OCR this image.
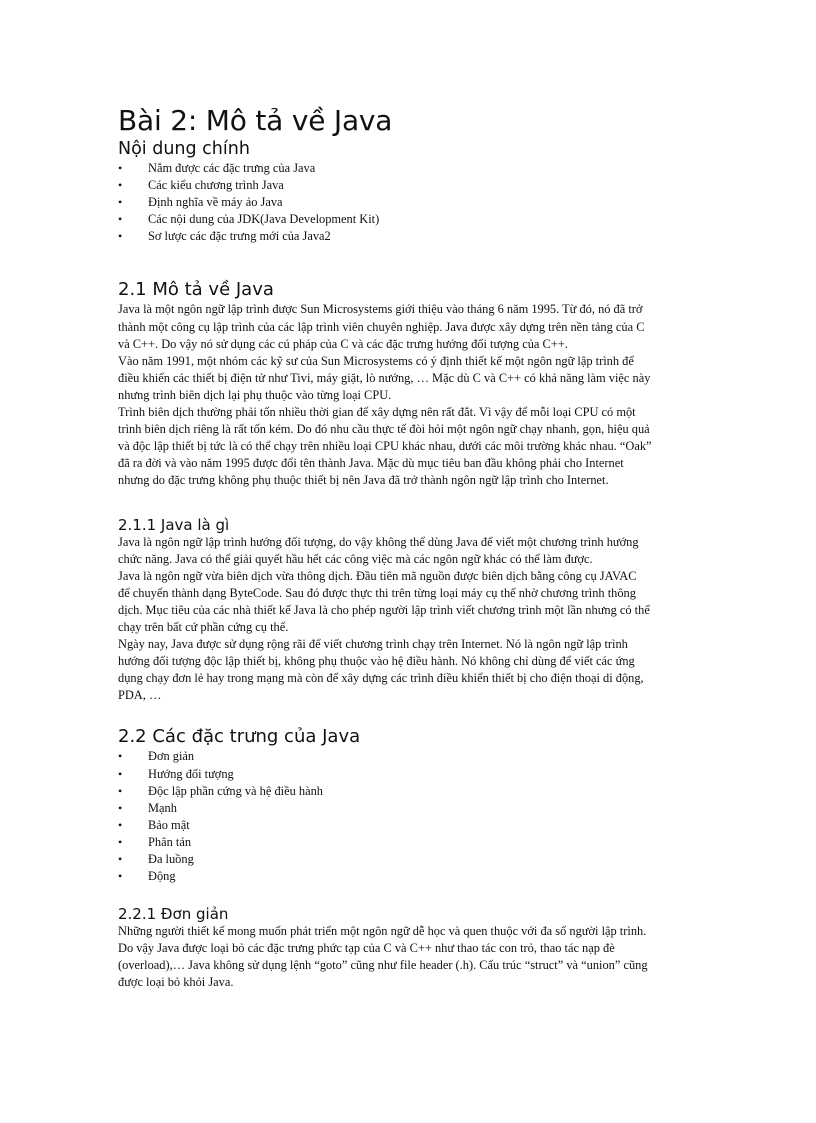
Bài 2: Mô tả về Java
Nội dung chính
• Nắm được các đặc trưng của Java
• Các kiểu chương trình Java
• Định nghĩa về máy ảo Java
• Các nội dung của JDK(Java Development Kit)
• Sơ lược các đặc trưng mới của Java2
2.1 Mô tả về Java

Java là một ngôn ngữ lập trình được Sun Microsystems giới thiệu vào tháng 6 năm 1995. Từ đó, nó đã trở

thành một công cụ lập trình của các lập trình viên chuyên nghiệp. Java được xây dựng trên nền tảng của C

và C++. Do vậy nó sử dụng các cú pháp của C và các đặc trưng hướng đối tượng của C++.

Vào năm 1991, một nhóm các kỹ sư của Sun Microsystems có ý định thiết kế một ngôn ngữ lập trình để

điều khiển các thiết bị điện tử như Tivi, máy giặt, lò nướng, … Mặc dù C và C++ có khả năng làm việc này

nhưng trình biên dịch lại phụ thuộc vào từng loại CPU.

Trình biên dịch thường phải tốn nhiều thời gian để xây dựng nên rất đắt. Vì vậy để mỗi loại CPU có một

trình biên dịch riêng là rất tốn kém. Do đó nhu cầu thực tế đòi hỏi một ngôn ngữ chạy nhanh, gọn, hiệu quả

và độc lập thiết bị tức là có thể chạy trên nhiều loại CPU khác nhau, dưới các môi trường khác nhau. “Oak”

đã ra đời và vào năm 1995 được đổi tên thành Java. Mặc dù mục tiêu ban đầu không phải cho Internet

nhưng do đặc trưng không phụ thuộc thiết bị nên Java đã trở thành ngôn ngữ lập trình cho Internet.

2.1.1 Java là gì

Java là ngôn ngữ lập trình hướng đối tượng, do vậy không thể dùng Java để viết một chương trình hướng

chức năng. Java có thể giải quyết hầu hết các công việc mà các ngôn ngữ khác có thể làm được.

Java là ngôn ngữ vừa biên dịch vừa thông dịch. Đầu tiên mã nguồn được biên dịch bằng công cụ JAVAC

để chuyển thành dạng ByteCode. Sau đó được thực thi trên từng loại máy cụ thể nhờ chương trình thông

dịch. Mục tiêu của các nhà thiết kế Java là cho phép người lập trình viết chương trình một lần nhưng có thể

chạy trên bất cứ phần cứng cụ thể.

Ngày nay, Java được sử dụng rộng rãi để viết chương trình chạy trên Internet. Nó là ngôn ngữ lập trình

hướng đối tượng độc lập thiết bị, không phụ thuộc vào hệ điều hành. Nó không chỉ dùng để viết các ứng

dụng chạy đơn lẻ hay trong mạng mà còn để xây dựng các trình điều khiển thiết bị cho điện thoại di động,

PDA, …

2.2 Các đặc trưng của Java
• Đơn giản
• Hướng đối tượng
• Độc lập phần cứng và hệ điều hành
• Mạnh
• Bảo mật
• Phân tán
• Đa luồng
• Động
2.2.1 Đơn giản

Những người thiết kế mong muốn phát triển một ngôn ngữ dễ học và quen thuộc với đa số người lập trình.

Do vậy Java được loại bỏ các đặc trưng phức tạp của C và C++ như thao tác con trỏ, thao tác nạp đè

(overload),… Java không sử dụng lệnh “goto” cũng như file header (.h). Cấu trúc “struct” và “union” cũng

được loại bỏ khỏi Java.
